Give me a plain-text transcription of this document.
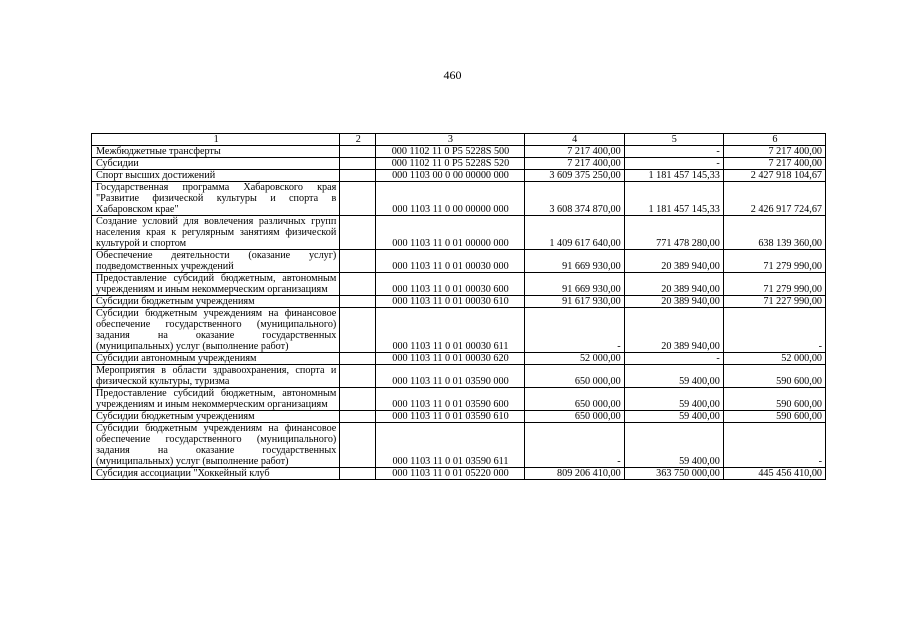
460
1	2	3	4	5	6
Межбюджетные трансферты		000 1102 11 0 P5 5228S 500	7 217 400,00	-	7 217 400,00
Субсидии		000 1102 11 0 P5 5228S 520	7 217 400,00	-	7 217 400,00
Спорт высших достижений		000 1103 00 0 00 00000 000	3 609 375 250,00	1 181 457 145,33	2 427 918 104,67
Государственная программа Хабаровского края "Развитие физической культуры и спорта в Хабаровском крае"		000 1103 11 0 00 00000 000	3 608 374 870,00	1 181 457 145,33	2 426 917 724,67
Создание условий для вовлечения различных групп населения края к регулярным занятиям физической культурой и спортом		000 1103 11 0 01 00000 000	1 409 617 640,00	771 478 280,00	638 139 360,00
Обеспечение деятельности (оказание услуг) подведомственных учреждений		000 1103 11 0 01 00030 000	91 669 930,00	20 389 940,00	71 279 990,00
Предоставление субсидий бюджетным, автономным учреждениям и иным некоммерческим организациям		000 1103 11 0 01 00030 600	91 669 930,00	20 389 940,00	71 279 990,00
Субсидии бюджетным учреждениям		000 1103 11 0 01 00030 610	91 617 930,00	20 389 940,00	71 227 990,00
Субсидии бюджетным учреждениям на финансовое обеспечение государственного (муниципального) задания на оказание государственных (муниципальных) услуг (выполнение работ)		000 1103 11 0 01 00030 611	-	20 389 940,00	-
Субсидии автономным учреждениям		000 1103 11 0 01 00030 620	52 000,00	-	52 000,00
Мероприятия в области здравоохранения, спорта и физической культуры, туризма		000 1103 11 0 01 03590 000	650 000,00	59 400,00	590 600,00
Предоставление субсидий бюджетным, автономным учреждениям и иным некоммерческим организациям		000 1103 11 0 01 03590 600	650 000,00	59 400,00	590 600,00
Субсидии бюджетным учреждениям		000 1103 11 0 01 03590 610	650 000,00	59 400,00	590 600,00
Субсидии бюджетным учреждениям на финансовое обеспечение государственного (муниципального) задания на оказание государственных (муниципальных) услуг (выполнение работ)		000 1103 11 0 01 03590 611	-	59 400,00	-
Субсидия ассоциации "Хоккейный клуб		000 1103 11 0 01 05220 000	809 206 410,00	363 750 000,00	445 456 410,00
